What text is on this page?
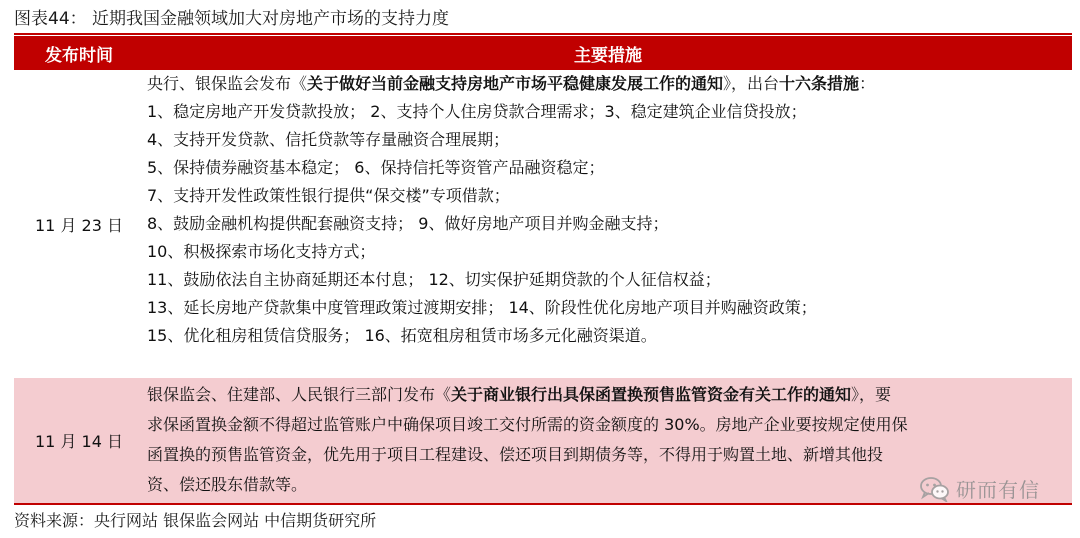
图表44： 近期我国金融领域加大对房地产市场的支持力度
发布时间	主要措施
11 月 23 日
央行、银保监会发布《关于做好当前金融支持房地产市场平稳健康发展工作的通知》，出台十六条措施：
1、稳定房地产开发贷款投放； 2、支持个人住房贷款合理需求；3、稳定建筑企业信贷投放；
4、支持开发贷款、信托贷款等存量融资合理展期；
5、保持债券融资基本稳定； 6、保持信托等资管产品融资稳定；
7、支持开发性政策性银行提供“保交楼”专项借款；
8、鼓励金融机构提供配套融资支持； 9、做好房地产项目并购金融支持；
10、积极探索市场化支持方式；
11、鼓励依法自主协商延期还本付息； 12、切实保护延期贷款的个人征信权益；
13、延长房地产贷款集中度管理政策过渡期安排； 14、阶段性优化房地产项目并购融资政策；
15、优化租房租赁信贷服务； 16、拓宽租房租赁市场多元化融资渠道。
11 月 14 日
银保监会、住建部、人民银行三部门发布《关于商业银行出具保函置换预售监管资金有关工作的通知》，要
求保函置换金额不得超过监管账户中确保项目竣工交付所需的资金额度的 30%。房地产企业要按规定使用保
函置换的预售监管资金，优先用于项目工程建设、偿还项目到期债务等，不得用于购置土地、新增其他投
资、偿还股东借款等。
资料来源：央行网站 银保监会网站 中信期货研究所
研而有信
